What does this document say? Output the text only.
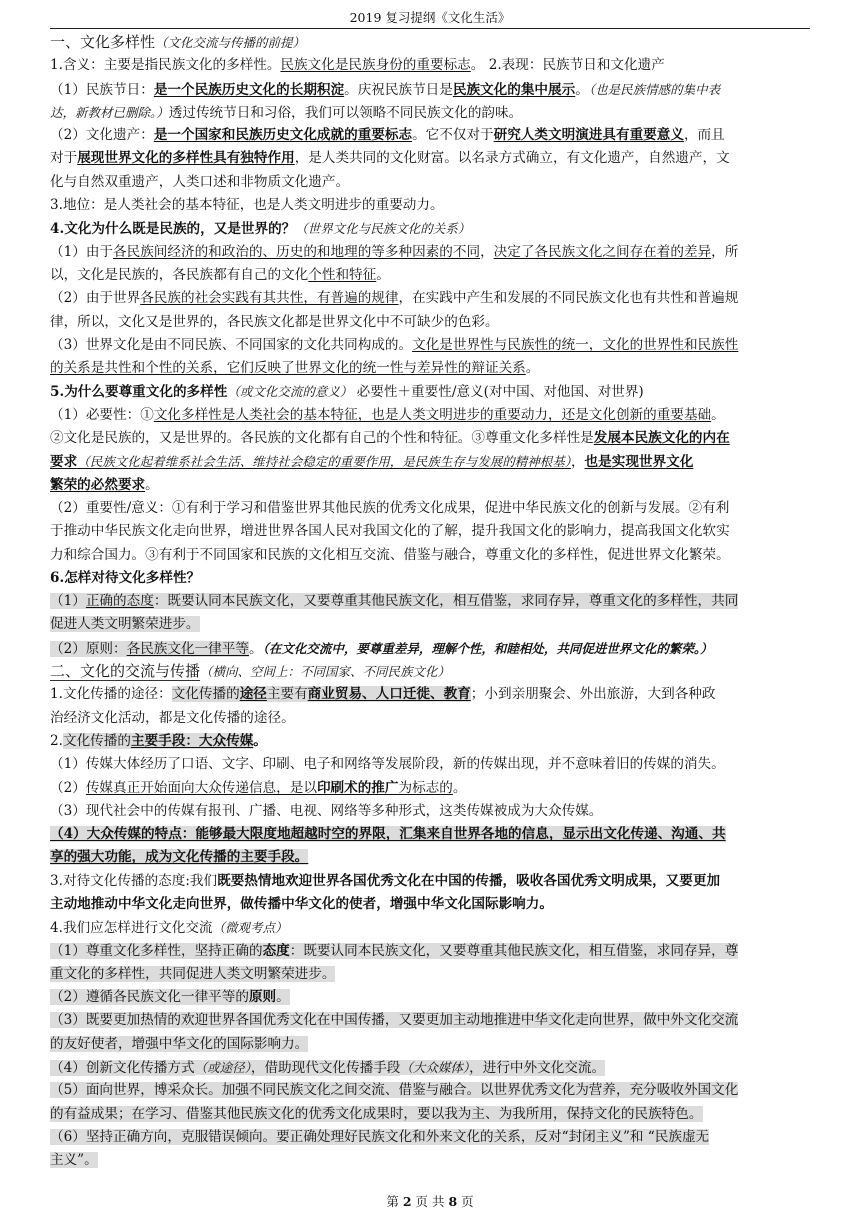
2019 复习提纲《文化生活》
一、文化多样性（文化交流与传播的前提）
1.含义：主要是指民族文化的多样性。民族文化是民族身份的重要标志。 2.表现：民族节日和文化遗产
（1）民族节日：是一个民族历史文化的长期积淀。庆祝民族节日是民族文化的集中展示。（也是民族情感的集中表
达，新教材已删除。）透过传统节日和习俗，我们可以领略不同民族文化的韵味。
（2）文化遗产：是一个国家和民族历史文化成就的重要标志。它不仅对于研究人类文明演进具有重要意义，而且
对于展现世界文化的多样性具有独特作用，是人类共同的文化财富。以名录方式确立，有文化遗产，自然遗产，文
化与自然双重遗产，人类口述和非物质文化遗产。
3.地位：是人类社会的基本特征，也是人类文明进步的重要动力。
4.文化为什么既是民族的，又是世界的？（世界文化与民族文化的关系）
（1）由于各民族间经济的和政治的、历史的和地理的等多种因素的不同，决定了各民族文化之间存在着的差异，所
以，文化是民族的，各民族都有自己的文化个性和特征。
（2）由于世界各民族的社会实践有其共性，有普遍的规律，在实践中产生和发展的不同民族文化也有共性和普遍规
律，所以，文化又是世界的，各民族文化都是世界文化中不可缺少的色彩。
（3）世界文化是由不同民族、不同国家的文化共同构成的。文化是世界性与民族性的统一，文化的世界性和民族性
的关系是共性和个性的关系，它们反映了世界文化的统一性与差异性的辩证关系。
5.为什么要尊重文化的多样性（或文化交流的意义） 必要性＋重要性/意义(对中国、对他国、对世界)
（1）必要性：①文化多样性是人类社会的基本特征，也是人类文明进步的重要动力，还是文化创新的重要基础。
②文化是民族的，又是世界的。各民族的文化都有自己的个性和特征。③尊重文化多样性是发展本民族文化的内在
要求（民族文化起着维系社会生活、维持社会稳定的重要作用，是民族生存与发展的精神根基），也是实现世界文化
繁荣的必然要求。
（2）重要性/意义：①有利于学习和借鉴世界其他民族的优秀文化成果，促进中华民族文化的创新与发展。②有利
于推动中华民族文化走向世界，增进世界各国人民对我国文化的了解，提升我国文化的影响力，提高我国文化软实
力和综合国力。③有利于不同国家和民族的文化相互交流、借鉴与融合，尊重文化的多样性，促进世界文化繁荣。
6.怎样对待文化多样性？
（1）正确的态度：既要认同本民族文化，又要尊重其他民族文化，相互借鉴，求同存异，尊重文化的多样性，共同
促进人类文明繁荣进步。
（2）原则：各民族文化一律平等。（在文化交流中，要尊重差异，理解个性，和睦相处，共同促进世界文化的繁荣。）
二、文化的交流与传播（横向、空间上：不同国家、不同民族文化）
1.文化传播的途径：文化传播的途径主要有商业贸易、人口迁徙、教育；小到亲朋聚会、外出旅游，大到各种政
治经济文化活动，都是文化传播的途径。
2.文化传播的主要手段：大众传媒。
（1）传媒大体经历了口语、文字、印刷、电子和网络等发展阶段，新的传媒出现，并不意味着旧的传媒的消失。
（2）传媒真正开始面向大众传递信息，是以印刷术的推广为标志的。
（3）现代社会中的传媒有报刊、广播、电视、网络等多种形式，这类传媒被成为大众传媒。
（4）大众传媒的特点：能够最大限度地超越时空的界限，汇集来自世界各地的信息，显示出文化传递、沟通、共
享的强大功能，成为文化传播的主要手段。
3.对待文化传播的态度:我们既要热情地欢迎世界各国优秀文化在中国的传播，吸收各国优秀文明成果，又要更加
主动地推动中华文化走向世界，做传播中华文化的使者，增强中华文化国际影响力。
4.我们应怎样进行文化交流（微观考点）
（1）尊重文化多样性，坚持正确的态度：既要认同本民族文化，又要尊重其他民族文化，相互借鉴，求同存异，尊
重文化的多样性，共同促进人类文明繁荣进步。
（2）遵循各民族文化一律平等的原则。
（3）既要更加热情的欢迎世界各国优秀文化在中国传播，又要更加主动地推进中华文化走向世界，做中外文化交流
的友好使者，增强中华文化的国际影响力。
（4）创新文化传播方式（或途径），借助现代文化传播手段（大众媒体），进行中外文化交流。
（5）面向世界，博采众长。加强不同民族文化之间交流、借鉴与融合。以世界优秀文化为营养，充分吸收外国文化
的有益成果；在学习、借鉴其他民族文化的优秀文化成果时，要以我为主、为我所用，保持文化的民族特色。
（6）坚持正确方向，克服错误倾向。要正确处理好民族文化和外来文化的关系，反对“封闭主义”和 “民族虚无
主义”。
第 2 页 共 8 页
